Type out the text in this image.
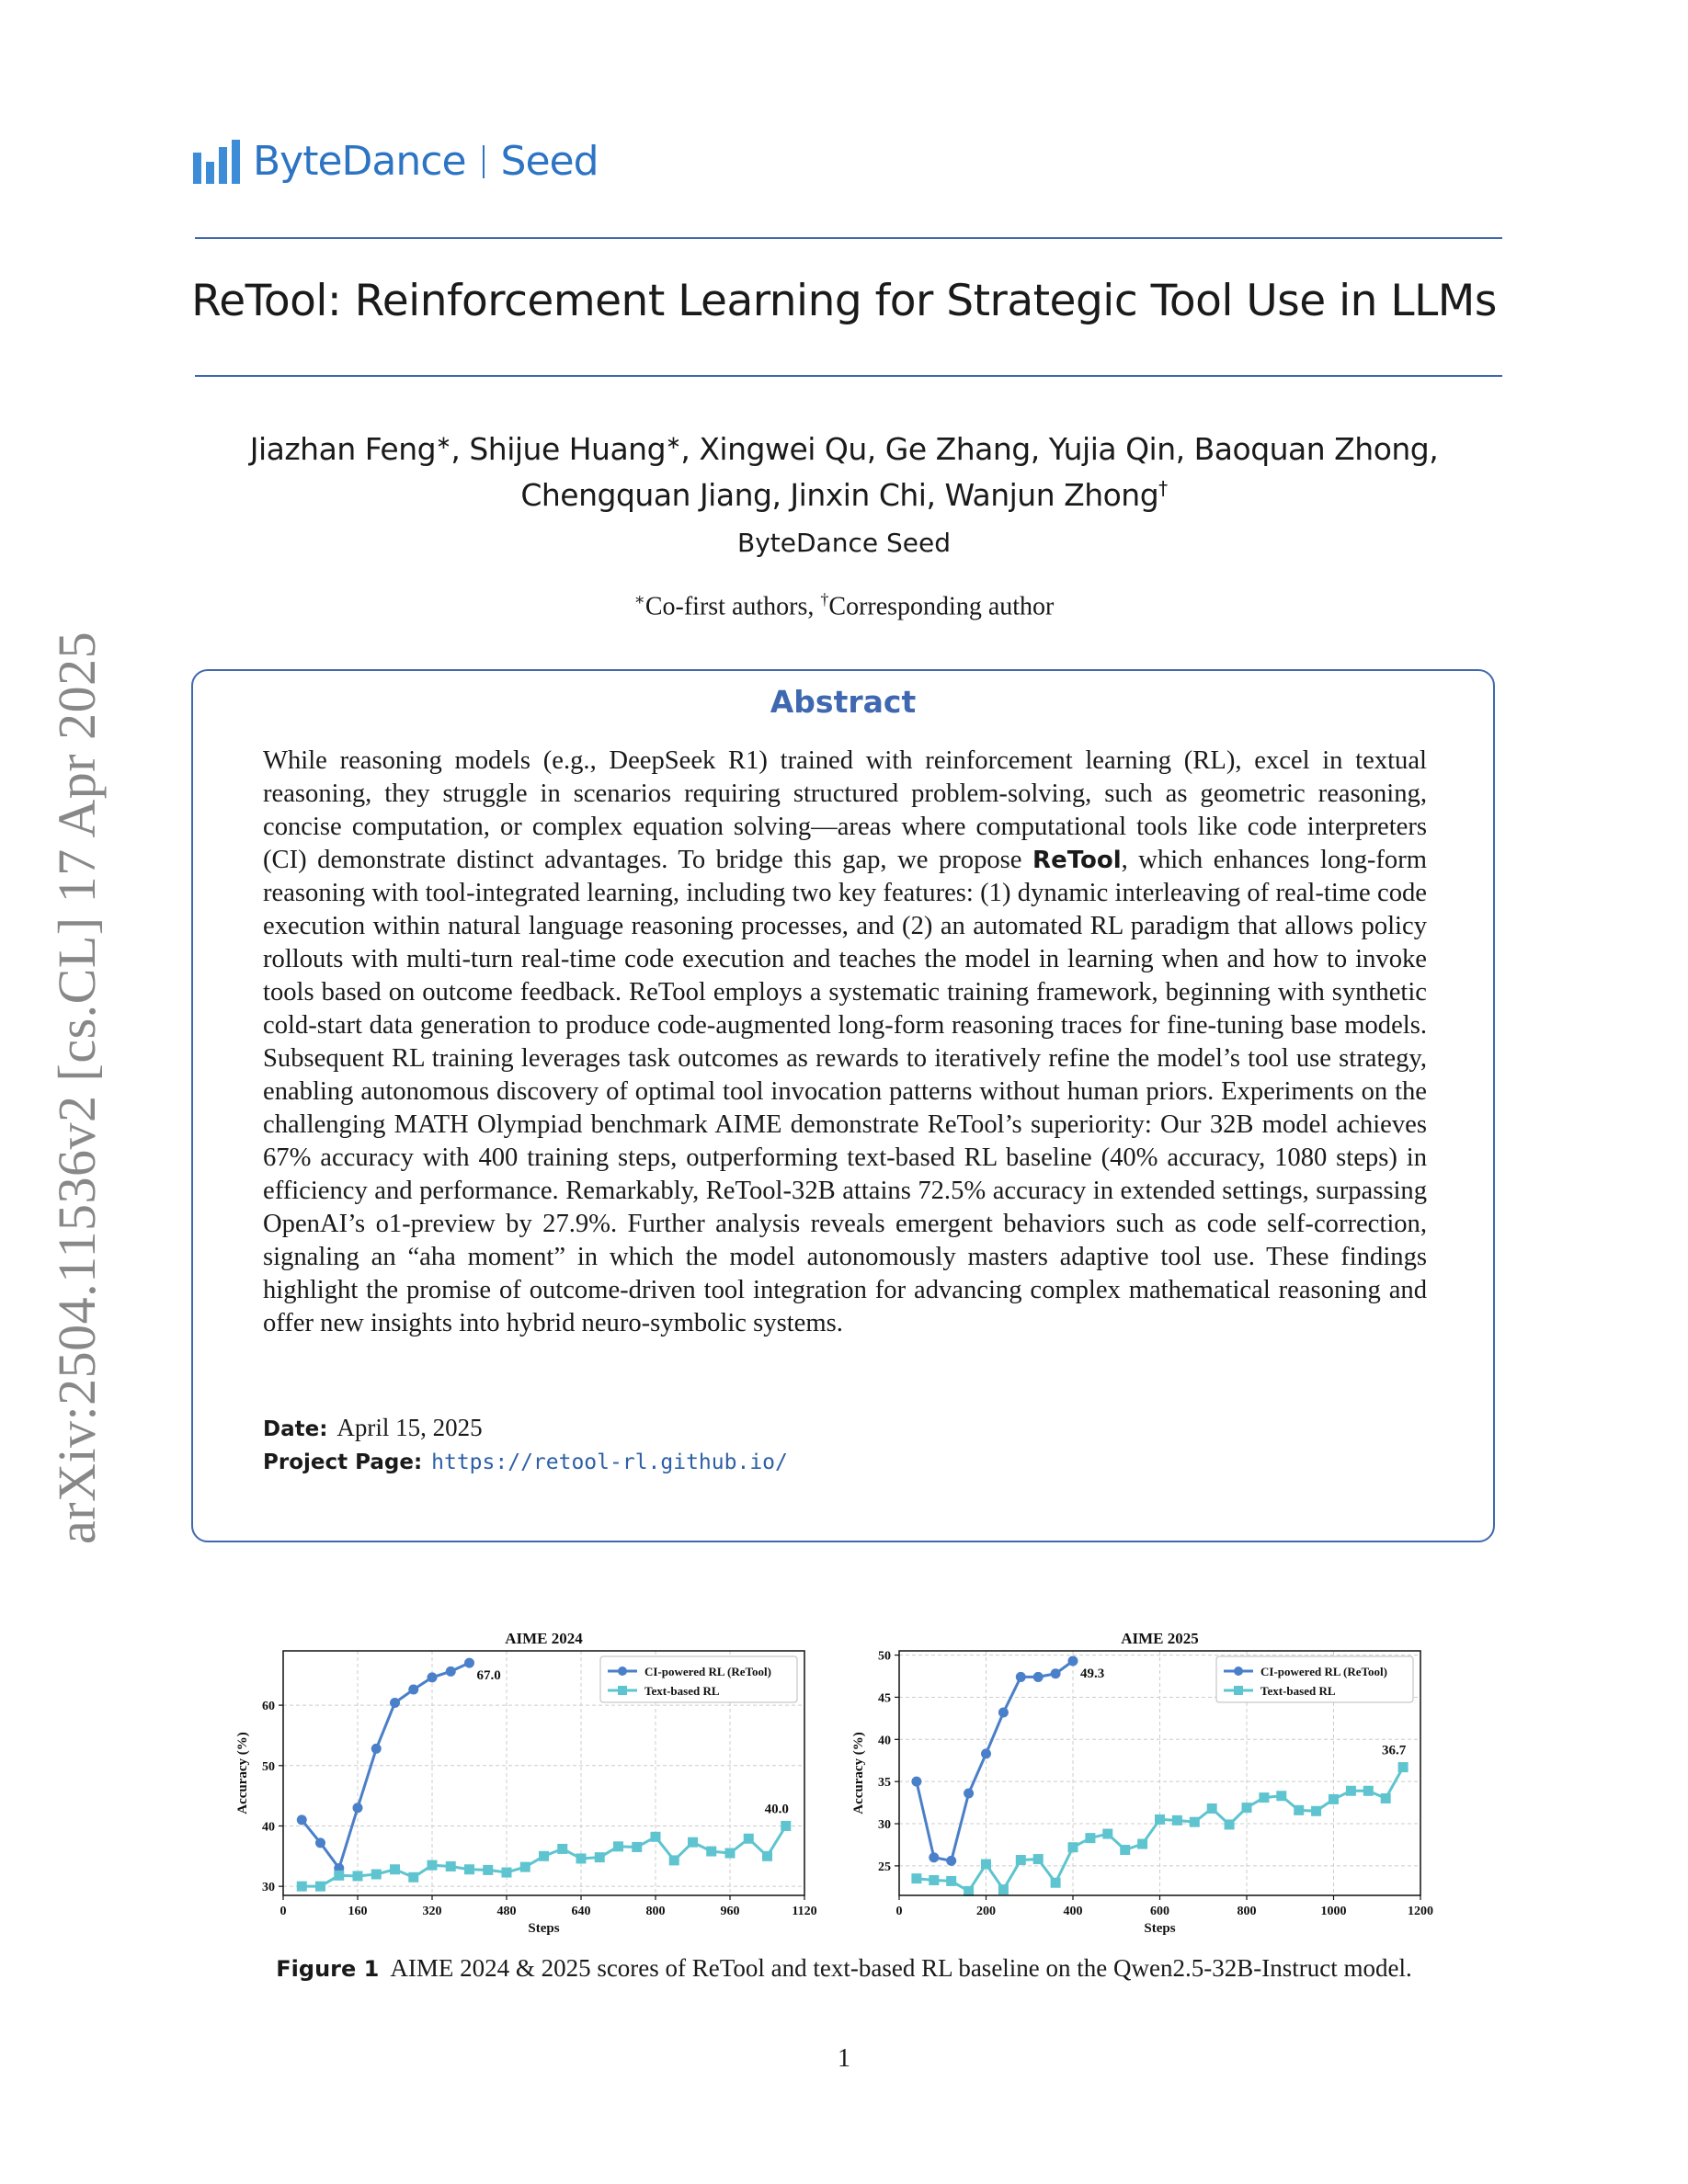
ByteDance Seed
ReTool: Reinforcement Learning for Strategic Tool Use in LLMs
Jiazhan Feng∗, Shijue Huang∗, Xingwei Qu, Ge Zhang, Yujia Qin, Baoquan Zhong,
Chengquan Jiang, Jinxin Chi, Wanjun Zhong†
ByteDance Seed
∗Co-first authors, †Corresponding author
Abstract
While reasoning models (e.g., DeepSeek R1) trained with reinforcement learning (RL), excel in textual reasoning, they struggle in scenarios requiring structured problem-solving, such as geometric reasoning, concise computation, or complex equation solving—areas where computational tools like code interpreters (CI) demonstrate distinct advantages. To bridge this gap, we propose ReTool, which enhances long-form reasoning with tool-integrated learning, including two key features: (1) dynamic interleaving of real-time code execution within natural language reasoning processes, and (2) an automated RL paradigm that allows policy rollouts with multi-turn real-time code execution and teaches the model in learning when and how to invoke tools based on outcome feedback. ReTool employs a systematic training framework, beginning with synthetic cold-start data generation to produce code-augmented long-form reasoning traces for fine-tuning base models. Subsequent RL training leverages task outcomes as rewards to iteratively refine the model’s tool use strategy, enabling autonomous discovery of optimal tool invocation patterns without human priors. Experiments on the challenging MATH Olympiad benchmark AIME demonstrate ReTool’s superiority: Our 32B model achieves 67% accuracy with 400 training steps, outperforming text-based RL baseline (40% accuracy, 1080 steps) in efficiency and performance. Remarkably, ReTool-32B attains 72.5% accuracy in extended settings, surpassing OpenAI’s o1-preview by 27.9%. Further analysis reveals emergent behaviors such as code self-correction, signaling an “aha moment” in which the model autonomously masters adaptive tool use. These findings highlight the promise of outcome-driven tool integration for advancing complex mathematical reasoning and offer new insights into hybrid neuro-symbolic systems.
Date: April 15, 2025
Project Page: https://retool-rl.github.io/
arXiv:2504.11536v2 [cs.CL] 17 Apr 2025
AIME 2024
67.0
40.0
0	160	320	480	640	800	960	1120
30
40
50
60
Steps
Accuracy (%)
CI-powered RL (ReTool)
Text-based RL
AIME 2025
49.3
36.7
0	200	400	600	800	1000	1200
25
30
35
40
45
50
Steps
Accuracy (%)
CI-powered RL (ReTool)
Text-based RL
Figure 1 AIME 2024 & 2025 scores of ReTool and text-based RL baseline on the Qwen2.5-32B-Instruct model.
1
